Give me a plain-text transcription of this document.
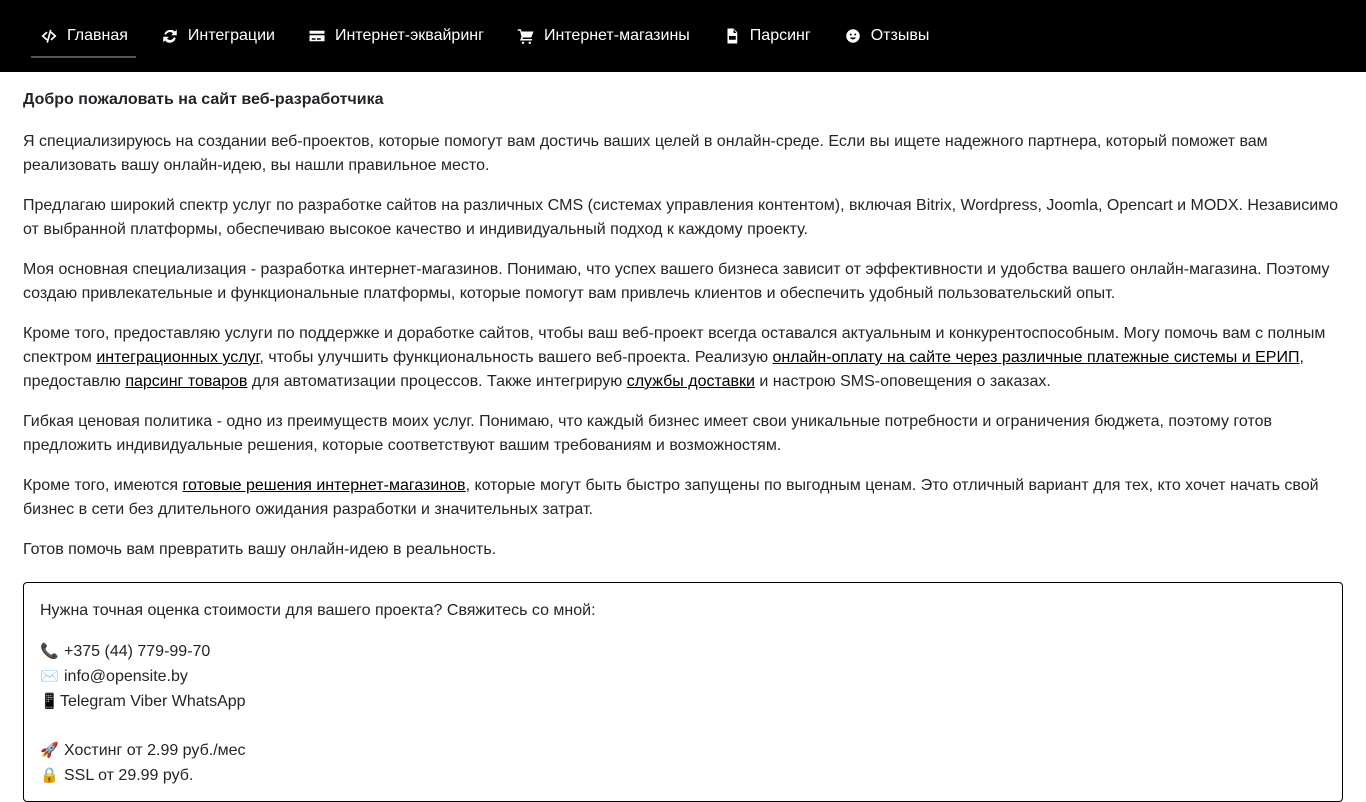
Главная	Интеграции	Интернет-эквайринг	Интернет-магазины	Парсинг	Отзывы
Добро пожаловать на сайт веб-разработчика

Я специализируюсь на создании веб-проектов, которые помогут вам достичь ваших целей в онлайн-среде. Если вы ищете надежного партнера, который поможет вам реализовать вашу онлайн-идею, вы нашли правильное место.

Предлагаю широкий спектр услуг по разработке сайтов на различных CMS (системах управления контентом), включая Bitrix, Wordpress, Joomla, Opencart и MODX. Независимо от выбранной платформы, обеспечиваю высокое качество и индивидуальный подход к каждому проекту.

Моя основная специализация - разработка интернет-магазинов. Понимаю, что успех вашего бизнеса зависит от эффективности и удобства вашего онлайн-магазина. Поэтому создаю привлекательные и функциональные платформы, которые помогут вам привлечь клиентов и обеспечить удобный пользовательский опыт.

Кроме того, предоставляю услуги по поддержке и доработке сайтов, чтобы ваш веб-проект всегда оставался актуальным и конкурентоспособным. Могу помочь вам с полным спектром интеграционных услуг, чтобы улучшить функциональность вашего веб-проекта. Реализую онлайн-оплату на сайте через различные платежные системы и ЕРИП, предоставлю парсинг товаров для автоматизации процессов. Также интегрирую службы доставки и настрою SMS-оповещения о заказах.

Гибкая ценовая политика - одно из преимуществ моих услуг. Понимаю, что каждый бизнес имеет свои уникальные потребности и ограничения бюджета, поэтому готов предложить индивидуальные решения, которые соответствуют вашим требованиям и возможностям.

Кроме того, имеются готовые решения интернет-магазинов, которые могут быть быстро запущены по выгодным ценам. Это отличный вариант для тех, кто хочет начать свой бизнес в сети без длительного ожидания разработки и значительных затрат.

Готов помочь вам превратить вашу онлайн-идею в реальность.

Нужна точная оценка стоимости для вашего проекта? Свяжитесь со мной:
📞 +375 (44) 779-99-70
✉️ info@opensite.by
📱Telegram Viber WhatsApp
🚀 Хостинг от 2.99 руб./мес
🔒 SSL от 29.99 руб.
